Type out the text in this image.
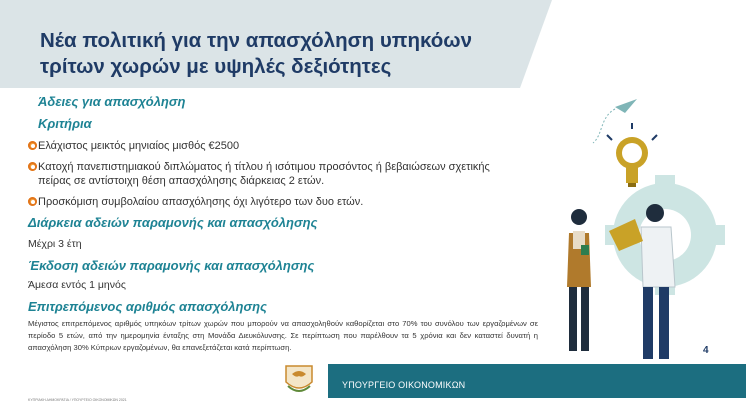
Νέα πολιτική για την απασχόληση υπηκόων
τρίτων χωρών με υψηλές δεξιότητες
Άδειες για απασχόληση
Κριτήρια
Ελάχιστος μεικτός μηνιαίος μισθός €2500
Κατοχή πανεπιστημιακού διπλώματος ή τίτλου ή ισότιμου προσόντος ή βεβαιώσεων σχετικής πείρας σε αντίστοιχη θέση απασχόλησης διάρκειας 2 ετών.
Προσκόμιση συμβολαίου απασχόλησης όχι λιγότερο των δυο ετών.
Διάρκεια αδειών παραμονής και απασχόλησης
Μέχρι 3 έτη
Έκδοση αδειών παραμονής και απασχόλησης
Άμεσα εντός 1 μηνός
Επιτρεπόμενος αριθμός απασχόλησης
Μέγιστος επιτρεπόμενος αριθμός υπηκόων τρίτων χωρών που μπορούν να απασχοληθούν καθορίζεται στο 70% του συνόλου των εργαζομένων σε περίοδο 5 ετών, από την ημερομηνία ένταξης στη Μονάδα Διευκόλυνσης. Σε περίπτωση που παρέλθουν τα 5 χρόνια και δεν καταστεί δυνατή η απασχόληση 30% Κύπριων εργαζομένων, θα επανεξετάζεται κατά περίπτωση.	4
ΥΠΟΥΡΓΕΙΟ ΟΙΚΟΝΟΜΙΚΩΝ
ΚΥΠΡΙΑΚΗ ΔΗΜΟΚΡΑΤΙΑ / ΥΠΟΥΡΓΕΙΟ ΟΙΚΟΝΟΜΙΚΩΝ 2021
